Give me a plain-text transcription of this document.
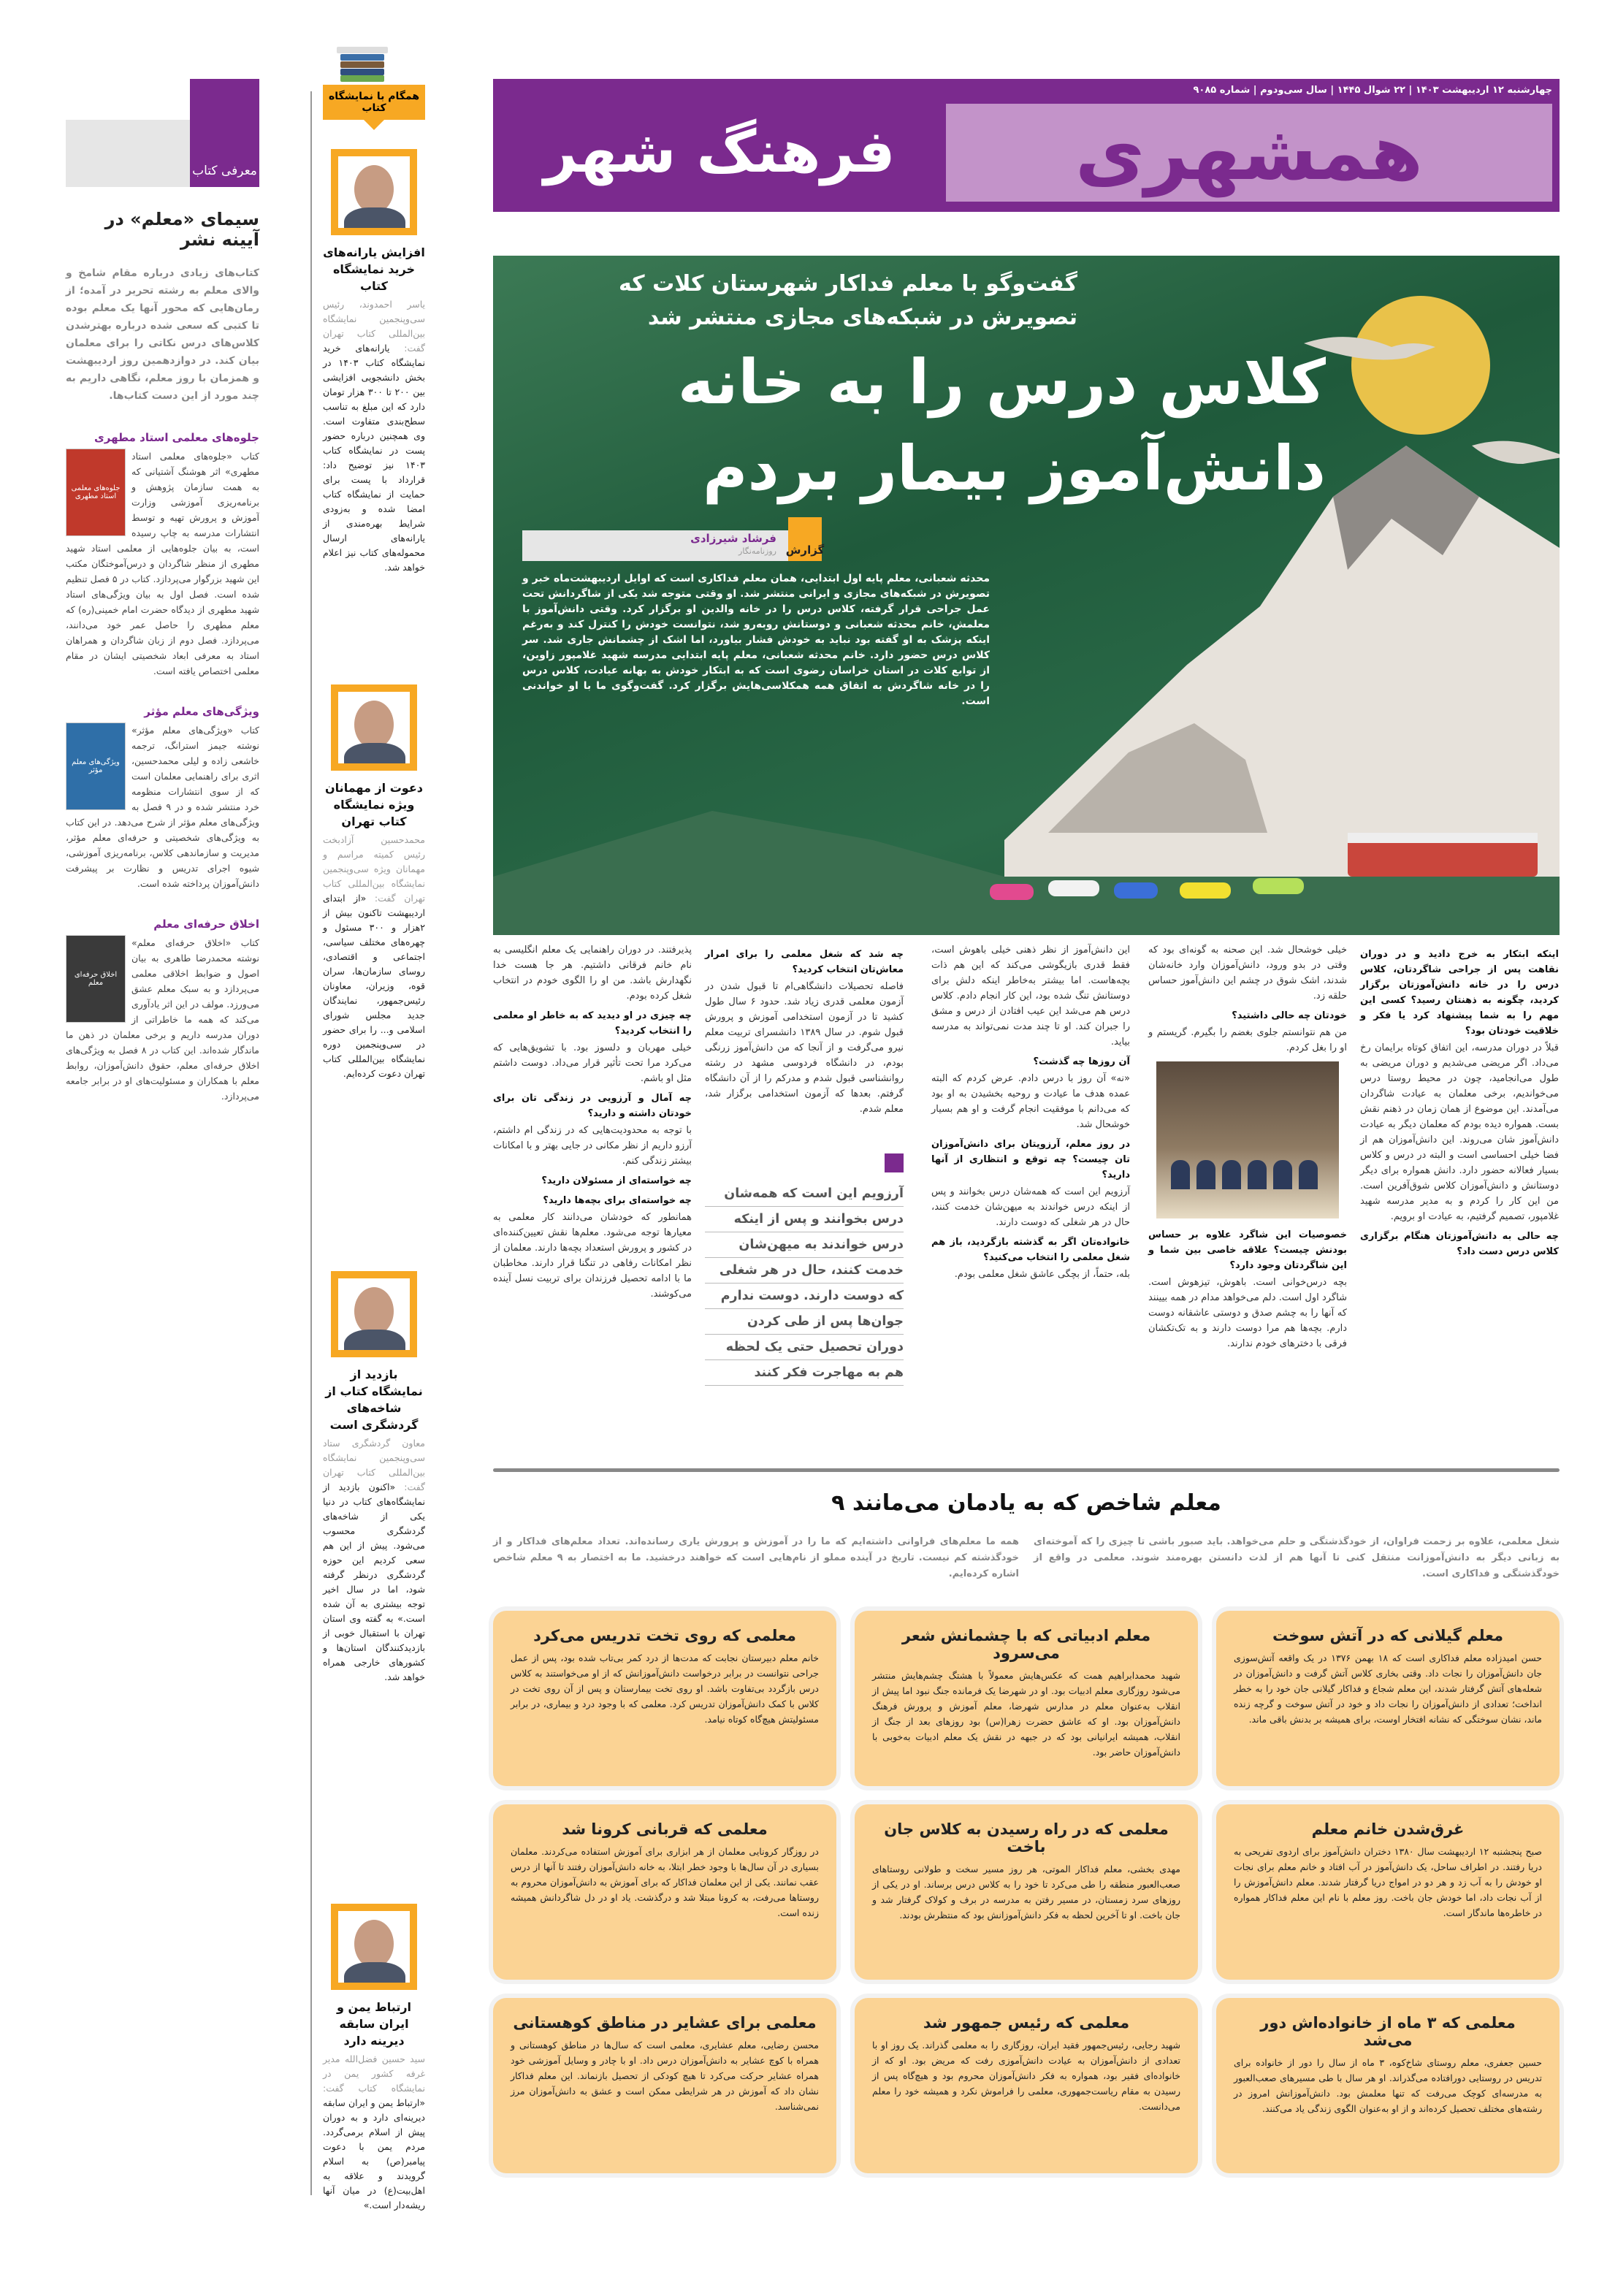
معرفی کتاب
سیمای «معلم» در آیینه نشر

کتاب‌های زیادی درباره مقام شامخ و والای معلم به رشته تحریر در آمده؛ از رمان‌هایی که محور آنها یک معلم بوده تا کتبی که سعی شده درباره بهترشدن کلاس‌های درس نکاتی را برای معلمان بیان کند. در دوازدهمین روز اردیبهشت و همزمان با روز معلم، نگاهی داریم به چند مورد از این دست کتاب‌ها.

جلوه‌های معلمی استاد مطهری
جلوه‌های معلمی استاد مطهری

کتاب «جلوه‌های معلمی استاد مطهری» اثر هوشنگ آشتیانی که به همت سازمان پژوهش و برنامه‌ریزی آموزشی وزارت آموزش و پرورش تهیه و توسط انتشارات مدرسه به چاپ رسیده است، به بیان جلوه‌هایی از معلمی استاد شهید مطهری از منظر شاگردان و درس‌آموختگان مکتب این شهید بزرگوار می‌پردازد. کتاب در ۵ فصل تنظیم شده است. فصل اول به بیان ویژگی‌های استاد شهید مطهری از دیدگاه حضرت امام خمینی(ره) که معلم مطهری را حاصل عمر خود می‌دانند، می‌پردازد. فصل دوم از زبان شاگردان و همراهان استاد به معرفی ابعاد شخصیتی ایشان در مقام معلمی اختصاص یافته است.

ویژگی‌های معلم مؤثر
ویژگی‌های معلم مؤثر

کتاب «ویژگی‌های معلم مؤثر» نوشته جیمز استرانگ، ترجمه خاشعی زاده و لیلی محمدحسین، اثری برای راهنمایی معلمان است که از سوی انتشارات منظومه خرد منتشر شده و در ۹ فصل به ویژگی‌های معلم مؤثر از شرح می‌دهد. در این کتاب به ویژگی‌های شخصیتی و حرفه‌ای معلم مؤثر، مدیریت و سازماندهی کلاس، برنامه‌ریزی آموزشی، شیوه اجرای تدریس و نظارت بر پیشرفت دانش‌آموزان پرداخته شده است.

اخلاق حرفه‌ای معلم
اخلاق حرفه‌ای معلم

کتاب «اخلاق حرفه‌ای معلم» نوشته محمدرضا طاهری به بیان اصول و ضوابط اخلاقی معلمی می‌پردازد و به سبک معلم عشق می‌ورزد. مولف در این اثر یادآوری می‌کند که همه ما خاطراتی از دوران مدرسه داریم و برخی معلمان در ذهن ما ماندگار شده‌اند. این کتاب در ۸ فصل به ویژگی‌های اخلاق حرفه‌ای معلم، حقوق دانش‌آموزان، روابط معلم با همکاران و مسئولیت‌های او در برابر جامعه می‌پردازد.

همگام با نمایشگاه کتاب
افزایش یارانه‌های خرید نمایشگاه کتاب

یاسر احمدوند، رئیس سی‌وپنجمین نمایشگاه بین‌المللی کتاب تهران گفت: یارانه‌های خرید نمایشگاه کتاب ۱۴۰۳ در بخش دانشجویی افزایشی بین ۲۰۰ تا ۳۰۰ هزار تومان دارد که این مبلغ به تناسب سطح‌بندی متفاوت است. وی همچنین درباره حضور پست در نمایشگاه کتاب ۱۴۰۳ نیز توضیح داد: قرارداد با پست برای حمایت از نمایشگاه کتاب امضا شده و به‌زودی شرایط بهره‌مندی از یارانه‌های ارسال محموله‌های کتاب نیز اعلام خواهد شد.

دعوت از مهمانان ویژه نمایشگاه کتاب تهران

محمدحسین آزادبخت رئیس کمیته مراسم و مهمانان ویژه سی‌وپنجمین نمایشگاه بین‌المللی کتاب تهران گفت: «از ابتدای اردیبهشت تاکنون بیش از ۲هزار و ۳۰۰ مسئول و چهره‌های مختلف سیاسی، اجتماعی و اقتصادی، روسای سازمان‌ها، سران قوه، وزیران، معاونان رئیس‌جمهور، نمایندگان جدید مجلس شورای اسلامی و... را برای حضور در سی‌وپنجمین دوره نمایشگاه بین‌المللی کتاب تهران دعوت کرده‌ایم.

بازدید از نمایشگاه کتاب از شاخه‌های گردشگری است

معاون گردشگری ستاد سی‌وپنجمین نمایشگاه بین‌المللی کتاب تهران گفت: «اکنون بازدید از نمایشگاه‌های کتاب در دنیا یکی از شاخه‌های گردشگری محسوب می‌شود. پیش از این هم سعی کردیم این حوزه گردشگری درنظر گرفته شود، اما در سال اخیر توجه بیشتری به آن شده است.» به گفته وی استان تهران با استقبال خوبی از بازدیدکنندگان استان‌ها و کشورهای خارجی همراه خواهد شد.

ارتباط یمن و ایران سابقه دیرینه دارد

سید حسین فضل‌الله مدیر غرفه کشور یمن در نمایشگاه کتاب گفت: «ارتباط یمن و ایران سابقه دیرینه‌ای دارد و به دوران پیش از اسلام برمی‌گردد. مردم یمن با دعوت پیامبر(ص) به اسلام گرویدند و علاقه به اهل‌بیت(ع) در میان آنها ریشه‌دار است.»

چهارشنبه ۱۲ اردیبهشت ۱۴۰۳ | ۲۲ شوال ۱۴۴۵ | سال سی‌ودوم | شماره ۹۰۸۵
همشهری
فرهنگ شهر
گفت‌وگو با معلم فداکار شهرستان کلات که تصویرش در شبکه‌های مجازی منتشر شد
کلاس درس را به خانه دانش‌آموز بیمار بردم
گزارش
فرشاد شیرزادی
روزنامه‌نگار

محدثه شعبانی، معلم پایه اول ابتدایی، همان معلم فداکاری است که اوایل اردیبهشت‌ماه خبر و تصویرش در شبکه‌های مجازی و ایرانی منتشر شد. او وقتی متوجه شد یکی از شاگردانش تحت عمل جراحی قرار گرفته، کلاس درس را در خانه والدین او برگزار کرد. وقتی دانش‌آموز با معلمش، خانم محدثه شعبانی و دوستانش روبه‌رو شد، نتوانست خودش را کنترل کند و به‌رغم اینکه پزشک به او گفته بود نباید به خودش فشار بیاورد، اما اشک از چشمانش جاری شد. سر کلاس درس حضور دارد. خانم محدثه شعبانی، معلم پایه ابتدایی مدرسه شهید غلامپور زاوین، از توابع کلات در استان خراسان رضوی است که به ابتکار خودش به بهانه عیادت، کلاس درس را در خانه شاگردش به اتفاق همه همکلاسی‌هایش برگزار کرد. گفت‌وگوی ما با او خواندنی است.

اینکه ابتکار به خرج دادید و در دوران نقاهت پس از جراحی شاگردتان، کلاس درس را در خانه دانش‌آموزتان برگزار کردید، چگونه به ذهنتان رسید؟ کسی این مهم را به شما پیشنهاد کرد یا فکر و خلاقیت خودتان بود؟

قبلاً در دوران مدرسه، این اتفاق کوتاه برایمان رخ می‌داد. اگر مریضی می‌شدیم و دوران مریضی به طول می‌انجامید، چون در محیط روستا درس می‌خواندیم، برخی معلمان به عیادت شاگردان می‌آمدند. این موضوع از همان زمان در ذهنم نقش بست. همواره دیده بودم که معلمان دیگر به عیادت دانش‌آموز شان می‌روند. این دانش‌آموزان هم از فضا خیلی احساسی است و البته در درس و کلاس بسیار فعالانه حضور دارد. دانش همواره برای دیگر دوستانش و دانش‌آموزان کلاس شوق‌آفرین است. من این کار را کردم و به مدیر مدرسه شهید غلامپور، تصمیم گرفتیم، به عیادت او برویم.

چه حالی به دانش‌آموزتان هنگام برگزاری کلاس درس دست داد؟

خیلی خوشحال شد. این صحنه به گونه‌ای بود که وقتی در بدو ورود، دانش‌آموزان وارد خانه‌شان شدند، اشک شوق در چشم این دانش‌آموز حساس حلقه زد.

خودتان چه حالی داشتید؟

من هم نتوانستم جلوی بغضم را بگیرم. گریستم و او را بغل کردم.

خصوصیات این شاگرد علاوه بر حساس بودنش چیست؟ علاقه خاصی بین شما و این شاگردتان وجود دارد؟

بچه درس‌خوانی است. باهوش، تیزهوش است. شاگرد اول است. دلم می‌خواهد مدام در همه بیینند که آنها را به چشم صدق و دوستی عاشقانه دوست دارم. بچه‌ها هم مرا دوست دارند و به تک‌تکشان فرقی با دخترهای خودم ندارند.

این دانش‌آموز از نظر ذهنی خیلی باهوش است، فقط قدری بازیگوشی می‌کند که این هم ذات بچه‌هاست. اما بیشتر به‌خاطر اینکه دلش برای دوستانش تنگ شده بود، این کار انجام دادم. کلاس درس هم می‌شد این عیب افتادن از درس و مشق را جبران کند. او تا چند مدت نمی‌تواند به مدرسه بیاید.

آن روزها چه گذشت؟

«نه» آن روز با درس دادم. عرض کردم که البته عمده هدف ما عیادت و روحیه بخشیدن به او بود که می‌دانم با موفقیت انجام گرفت و او هم بسیار خوشحال شد.

در روز معلم، آرزویتان برای دانش‌آموزان تان چیست؟ چه توقع و انتظاری از آنها دارید؟

آرزویم این است که همه‌شان درس بخوانند و پس از اینکه درس خواندند به میهن‌شان خدمت کنند، حال در هر شغلی که دوست دارند.

خانواده‌تان اگر به گذشته بازگردید، باز هم شغل معلمی را انتخاب می‌کنید؟

بله، حتماً، از بچگی عاشق شغل معلمی بودم.

چه شد که شغل معلمی را برای امرار معاش‌تان انتخاب کردید؟

فاصله تحصیلات دانشگاهی‌ام تا قبول شدن در آزمون معلمی قدری زیاد شد. حدود ۶ سال طول کشید تا در آزمون استخدامی آموزش و پرورش قبول شوم. در سال ۱۳۸۹ دانشسرای تربیت معلم نیرو می‌گرفت و از آنجا که من دانش‌آموز زرنگی بودم، در دانشگاه فردوسی مشهد در رشته روانشناسی قبول شدم و مدرکم را از آن دانشگاه گرفتم. بعدها که آزمون استخدامی برگزار شد، معلم شدم.

آرزویم این است که همه‌شان
درس بخوانند و پس از اینکه
درس خواندند به میهن‌شان
خدمت کنند، حال در هر شغلی
که دوست دارند. دوست ندارم
جوان‌ها پس از طی کردن
دوران تحصیل حتی یک لحظه
هم به مهاجرت فکر کنند

پذیرفتند. در دوران راهنمایی یک معلم انگلیسی به نام خانم فرقانی داشتیم. هر جا هست خدا نگهدارش باشد. من او را الگوی خودم در انتخاب شغل کرده بودم.

چه چیزی در او دیدید که به خاطر او معلمی را انتخاب کردید؟

خیلی مهربان و دلسوز بود. با تشویق‌هایی که می‌کرد مرا تحت تأثیر قرار می‌داد. دوست داشتم مثل او باشم.

چه آمال و آرزویی در زندگی تان برای خودتان داشته و دارید؟

با توجه به محدودیت‌هایی که در زندگی ام داشتم، آرزو داریم از نظر مکانی در جایی بهتر و با امکانات بیشتر زندگی کنم.

چه خواسته‌ای از مسئولان دارید؟

چه خواسته‌ای برای بچه‌ها دارید؟

همانطور که خودشان می‌دانند کار معلمی به معیارها توجه می‌شود. معلم‌ها نقش تعیین‌کننده‌ای در کشور و پرورش استعداد بچه‌ها دارند. معلمان از نظر امکانات رفاهی در تنگنا قرار دارند. مخاطبان ما با ادامه تحصیل فرزندان برای تربیت نسل آینده می‌کوشند.

۹ معلم شاخص که به یادمان می‌مانند

شغل معلمی، علاوه بر زحمت فراوان، از خودگذشتگی و حلم می‌خواهد. باید صبور باشی تا چیزی را که آموخته‌ای به زبانی دیگر به دانش‌آموزانت منتقل کنی تا آنها هم از لذت دانستن بهره‌مند شوند. معلمی در واقع از خودگذشتگی و فداکاری است.

همه ما معلم‌های فراوانی داشته‌ایم که ما را در آموزش و پرورش یاری رسانده‌اند. تعداد معلم‌های فداکار و از خودگذشته کم نیست. تاریخ در آینده مملو از نام‌هایی است که خواهند درخشید. ما به اختصار به ۹ معلم شاخص اشاره کرده‌ایم.

معلم گیلانی که در آتش سوخت

حسن امیدزاده معلم فداکاری است که ۱۸ بهمن ۱۳۷۶ در یک واقعه آتش‌سوزی جان دانش‌آموزان را نجات داد. وقتی بخاری کلاس آتش گرفت و دانش‌آموزان در شعله‌های آتش گرفتار شدند، این معلم شجاع و فداکار گیلانی جان خود را به خطر انداخت؛ تعدادی از دانش‌آموزان را نجات داد و خود در آتش سوخت و گرچه زنده ماند، نشان سوختگی که نشانه افتخار اوست، برای همیشه بر بدنش باقی ماند.

معلم ادبیاتی که با چشمانش شعر می‌سرود

شهید محمدابراهیم همت که عکس‌هایش معمولاً با هشتگ چشم‌هایش منتشر می‌شود روزگاری معلم ادبیات بود. او در شهرضا یک فرمانده جنگ نبود اما پیش از انقلاب به‌عنوان معلم در مدارس شهرضا، معلم آموزش و پرورش فرهنگ دانش‌آموزان بود. او که عاشق حضرت زهرا(س) بود روزهای بعد از جنگ از انقلاب، همیشه ایرانیانی بود که در جبهه در نقش یک معلم ادبیات به‌خوبی با دانش‌آموزان حاضر بود.

معلمی که روی تخت تدریس می‌کرد

خانم معلم دبیرستان نجابت که مدت‌ها از درد کمر بی‌تاب شده بود، پس از عمل جراحی نتوانست در برابر درخواست دانش‌آموزانش که از او می‌خواستند به کلاس درس بازگردد بی‌تفاوت باشد. او روی تخت بیمارستان و پس از آن روی تخت در کلاس با کمک دانش‌آموزان تدریس کرد. معلمی که با وجود درد و بیماری، در برابر مسئولیتش هیچ‌گاه کوتاه نیامد.

غرق‌شدن خانم معلم

صبح پنجشنبه ۱۲ اردیبهشت سال ۱۳۸۰ دختران دانش‌آموز برای اردوی تفریحی به دریا رفتند. در اطراف ساحل، یک دانش‌آموز در آب افتاد و خانم معلم برای نجات او خودش را به آب زد و هر دو در امواج دریا گرفتار شدند. معلم دانش‌آموزش را از آب نجات داد، اما خودش جان باخت. روز معلم با نام این معلم فداکار همواره در خاطره‌ها ماندگار است.

معلمی که در راه رسیدن به کلاس جان باخت

مهدی بخشی، معلم فداکار الموتی، هر روز مسیر سخت و طولانی روستاهای صعب‌العبور منطقه را طی می‌کرد تا خود را به کلاس درس برساند. او در یکی از روزهای سرد زمستان، در مسیر رفتن به مدرسه در برف و کولاک گرفتار شد و جان باخت. او تا آخرین لحظه به فکر دانش‌آموزانش بود که منتظرش بودند.

معلمی که قربانی کرونا شد

در روزگار کرونایی معلمان از هر ابزاری برای آموزش استفاده می‌کردند. معلمان بسیاری در آن سال‌ها با وجود خطر ابتلا، به خانه دانش‌آموزان رفتند تا آنها از درس عقب نمانند. یکی از این معلمان فداکار که برای آموزش به دانش‌آموزان محروم به روستاها می‌رفت، به کرونا مبتلا شد و درگذشت. یاد او در دل شاگردانش همیشه زنده است.

معلمی که ۳ ماه از خانواده‌اش دور می‌شد

حسین جعفری، معلم روستای شاخ‌کوه، ۳ ماه از سال را دور از خانواده برای تدریس در روستایی دورافتاده می‌گذراند. او هر سال با طی مسیرهای صعب‌العبور به مدرسه‌ای کوچک می‌رفت که تنها معلمش بود. دانش‌آموزانش امروز در رشته‌های مختلف تحصیل کرده‌اند و از او به‌عنوان الگوی زندگی یاد می‌کنند.

معلمی که رئیس جمهور شد

شهید رجایی، رئیس‌جمهور فقید ایران، روزگاری را به معلمی گذراند. یک روز او با تعدادی از دانش‌آموزان به عیادت دانش‌آموزی رفت که مریض بود. او که از خانواده‌ای فقیر بود، همواره به فکر دانش‌آموزان محروم بود و هیچ‌گاه پس از رسیدن به مقام ریاست‌جمهوری، معلمی را فراموش نکرد و همیشه خود را معلم می‌دانست.

معلمی برای عشایر در مناطق کوهستانی

محسن رضایی، معلم عشایری، معلمی است که سال‌ها در مناطق کوهستانی و همراه با کوچ عشایر به دانش‌آموزان درس داد. او با چادر و وسایل آموزشی خود همراه عشایر حرکت می‌کرد تا هیچ کودکی از تحصیل بازنماند. این معلم فداکار نشان داد که آموزش در هر شرایطی ممکن است و عشق به دانش‌آموزان مرز نمی‌شناسد.
